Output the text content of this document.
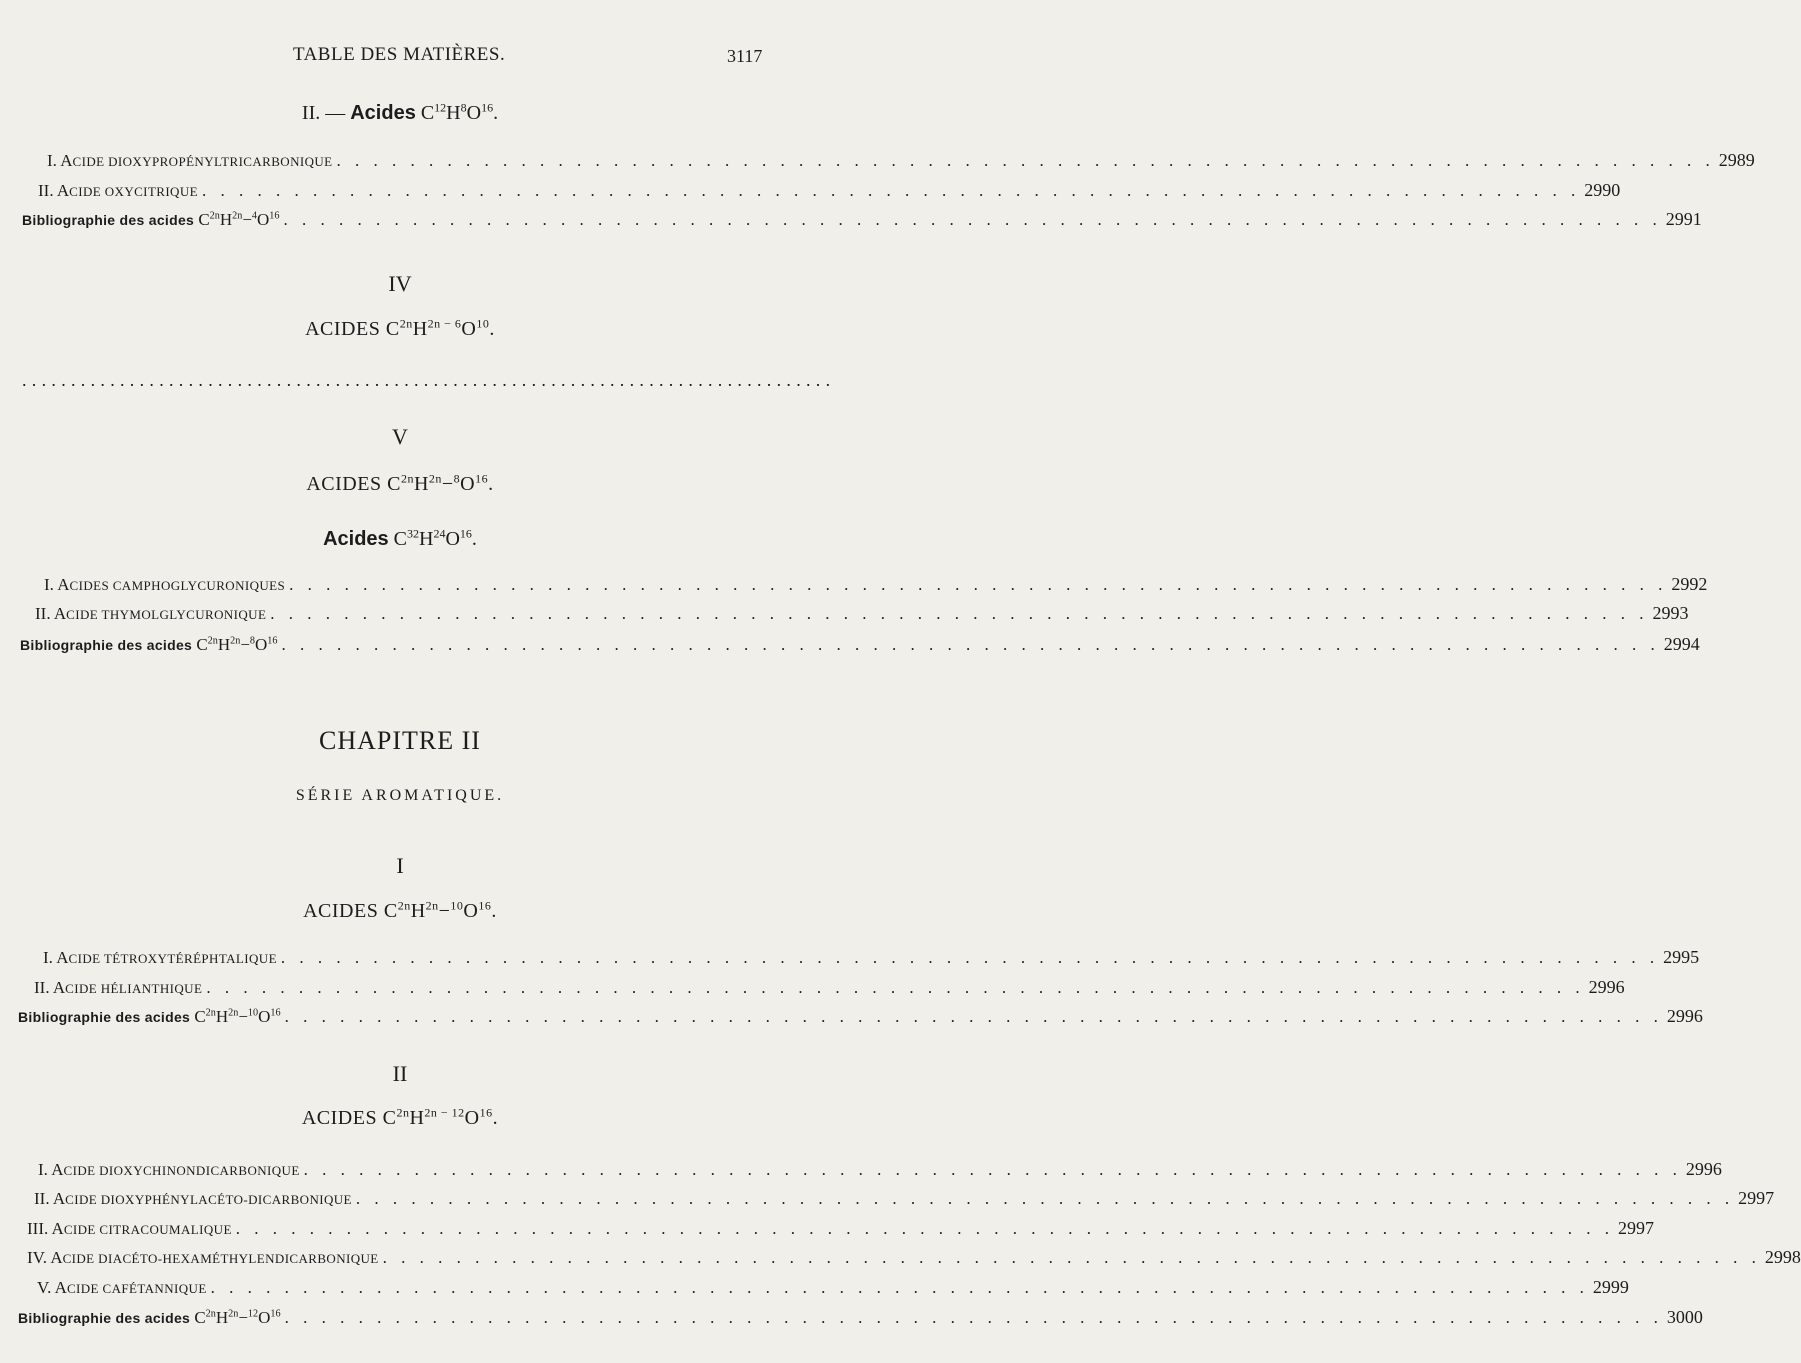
TABLE DES MATIÈRES.	3117
II. — Acides $C^{12}H^8O^{16}$.
I. ACIDE DIOXYPROPÉNYLTRICARBONIQUE . . . . . . . . . . . . . . . . . . . . . . . . . . . . . . . . . . . . . . . . . . . . . . . . . . . . . . . . . . . . . . . . . . . . . . . . . . . 2989
II. ACIDE OXYCITRIQUE . . . . . . . . . . . . . . . . . . . . . . . . . . . . . . . . . . . . . . . . . . . . . . . . . . . . . . . . . . . . . . . . . . . . . . . . . . . 2990
Bibliographie des acides $C^{2n}H^{2n}-^4O^{16}$ . . . . . . . . . . . . . . . . . . . . . . . . . . . . . . . . . . . . . . . . . . . . . . . . . . . . . . . . . . . . . . . . . . . . . . . . . . . 2991
IV
ACIDES $C^{2n}H^{2n - 6}O^{10}$.
...................................................................................
V
ACIDES $C^{2n}H^{2n}-^8O^{16}$.
Acides $C^{32}H^{24}O^{16}$.
I. ACIDES CAMPHOGLYCURONIQUES . . . . . . . . . . . . . . . . . . . . . . . . . . . . . . . . . . . . . . . . . . . . . . . . . . . . . . . . . . . . . . . . . . . . . . . . . . . 2992
II. ACIDE THYMOLGLYCURONIQUE . . . . . . . . . . . . . . . . . . . . . . . . . . . . . . . . . . . . . . . . . . . . . . . . . . . . . . . . . . . . . . . . . . . . . . . . . . . 2993
Bibliographie des acides $C^{2n}H^{2n}-^8O^{16}$ . . . . . . . . . . . . . . . . . . . . . . . . . . . . . . . . . . . . . . . . . . . . . . . . . . . . . . . . . . . . . . . . . . . . . . . . . . . 2994
CHAPITRE II
SÉRIE AROMATIQUE.
I
ACIDES $C^{2n}H^{2n}-^{10}O^{16}$.
I. ACIDE TÉTROXYTÉRÉPHTALIQUE . . . . . . . . . . . . . . . . . . . . . . . . . . . . . . . . . . . . . . . . . . . . . . . . . . . . . . . . . . . . . . . . . . . . . . . . . . . 2995
II. ACIDE HÉLIANTHIQUE . . . . . . . . . . . . . . . . . . . . . . . . . . . . . . . . . . . . . . . . . . . . . . . . . . . . . . . . . . . . . . . . . . . . . . . . . . . 2996
Bibliographie des acides $C^{2n}H^{2n}-^{10}O^{16}$ . . . . . . . . . . . . . . . . . . . . . . . . . . . . . . . . . . . . . . . . . . . . . . . . . . . . . . . . . . . . . . . . . . . . . . . . . . . 2996
II
ACIDES $C^{2n}H^{2n - 12}O^{16}$.
I. ACIDE DIOXYCHINONDICARBONIQUE . . . . . . . . . . . . . . . . . . . . . . . . . . . . . . . . . . . . . . . . . . . . . . . . . . . . . . . . . . . . . . . . . . . . . . . . . . . 2996
II. ACIDE DIOXYPHÉNYLACÉTO-DICARBONIQUE . . . . . . . . . . . . . . . . . . . . . . . . . . . . . . . . . . . . . . . . . . . . . . . . . . . . . . . . . . . . . . . . . . . . . . . . . . . 2997
III. ACIDE CITRACOUMALIQUE . . . . . . . . . . . . . . . . . . . . . . . . . . . . . . . . . . . . . . . . . . . . . . . . . . . . . . . . . . . . . . . . . . . . . . . . . . . 2997
IV. ACIDE DIACÉTO-HEXAMÉTHYLENDICARBONIQUE . . . . . . . . . . . . . . . . . . . . . . . . . . . . . . . . . . . . . . . . . . . . . . . . . . . . . . . . . . . . . . . . . . . . . . . . . . . 2998
V. ACIDE CAFÉTANNIQUE . . . . . . . . . . . . . . . . . . . . . . . . . . . . . . . . . . . . . . . . . . . . . . . . . . . . . . . . . . . . . . . . . . . . . . . . . . . 2999
Bibliographie des acides $C^{2n}H^{2n}-^{12}O^{16}$ . . . . . . . . . . . . . . . . . . . . . . . . . . . . . . . . . . . . . . . . . . . . . . . . . . . . . . . . . . . . . . . . . . . . . . . . . . . 3000
